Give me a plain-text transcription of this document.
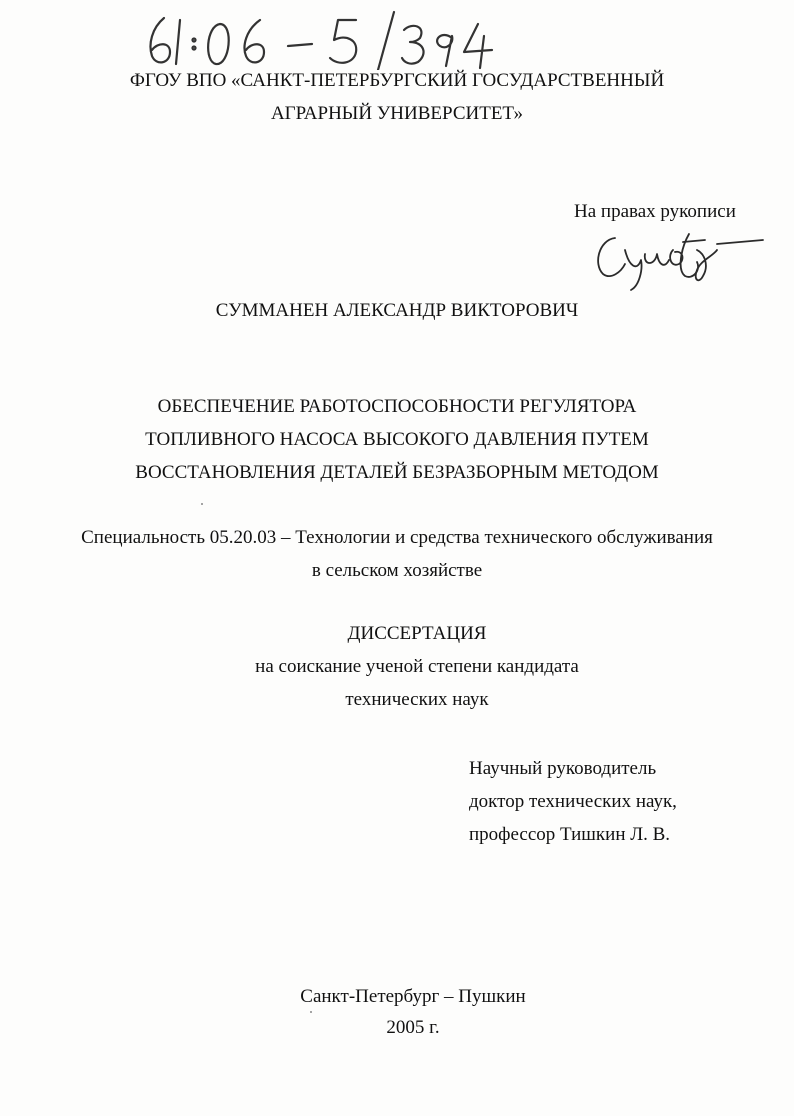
ФГОУ ВПО «САНКТ-ПЕТЕРБУРГСКИЙ ГОСУДАРСТВЕННЫЙ
АГРАРНЫЙ УНИВЕРСИТЕТ»
На правах рукописи
СУММАНЕН АЛЕКСАНДР ВИКТОРОВИЧ
ОБЕСПЕЧЕНИЕ РАБОТОСПОСОБНОСТИ РЕГУЛЯТОРА
ТОПЛИВНОГО НАСОСА ВЫСОКОГО ДАВЛЕНИЯ ПУТЕМ
ВОССТАНОВЛЕНИЯ ДЕТАЛЕЙ БЕЗРАЗБОРНЫМ МЕТОДОМ
Специальность 05.20.03 – Технологии и средства технического обслуживания
в сельском хозяйстве
ДИССЕРТАЦИЯ
на соискание ученой степени кандидата
технических наук
Научный руководитель
доктор технических наук,
профессор Тишкин Л. В.
Санкт-Петербург – Пушкин
2005 г.
